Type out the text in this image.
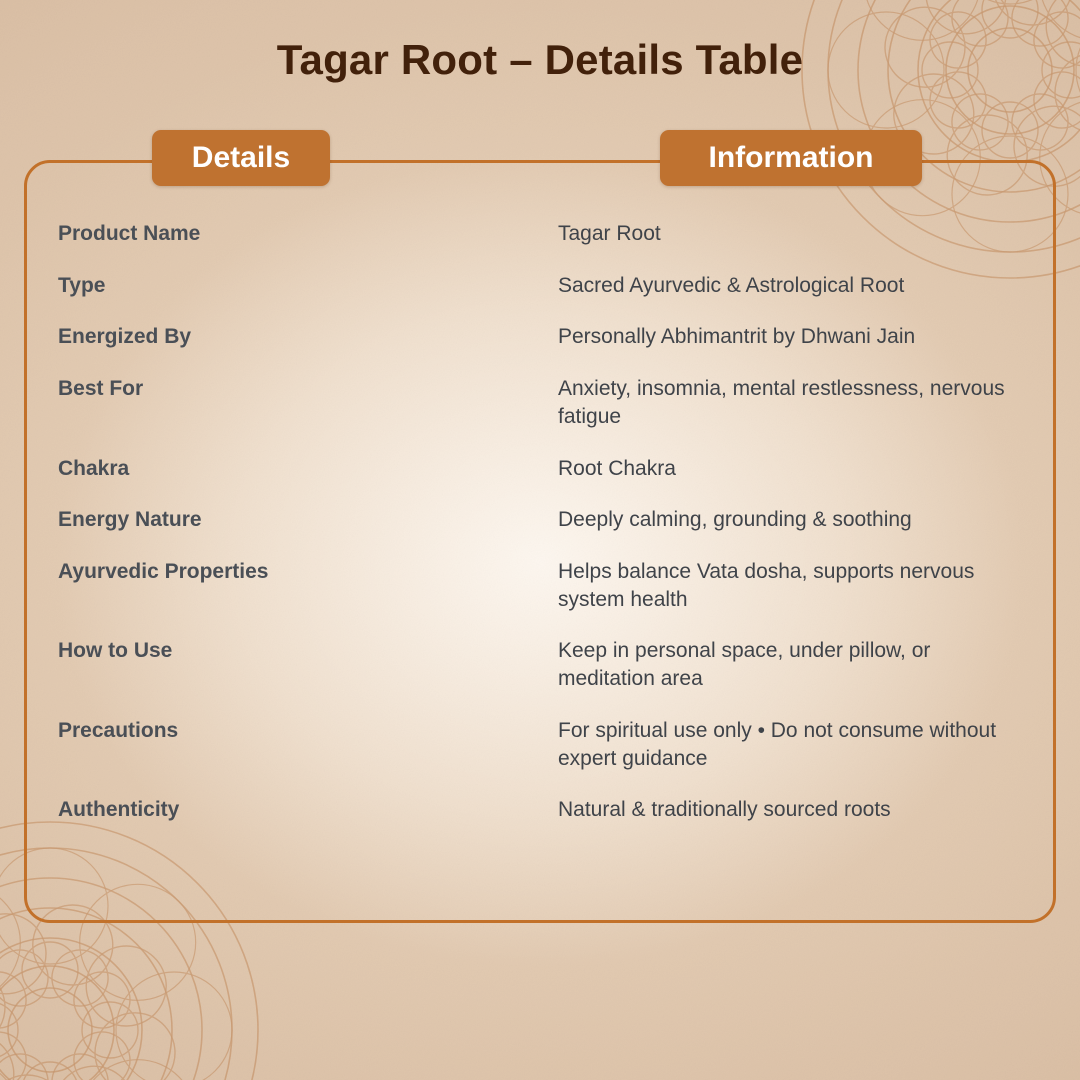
Tagar Root – Details Table
Details	Information
Product Name	Tagar Root
Type	Sacred Ayurvedic & Astrological Root
Energized By	Personally Abhimantrit by Dhwani Jain
Best For	Anxiety, insomnia, mental restlessness, nervous fatigue
Chakra	Root Chakra
Energy Nature	Deeply calming, grounding & soothing
Ayurvedic Properties	Helps balance Vata dosha, supports nervous system health
How to Use	Keep in personal space, under pillow, or meditation area
Precautions	For spiritual use only • Do not consume without expert guidance
Authenticity	Natural & traditionally sourced roots
